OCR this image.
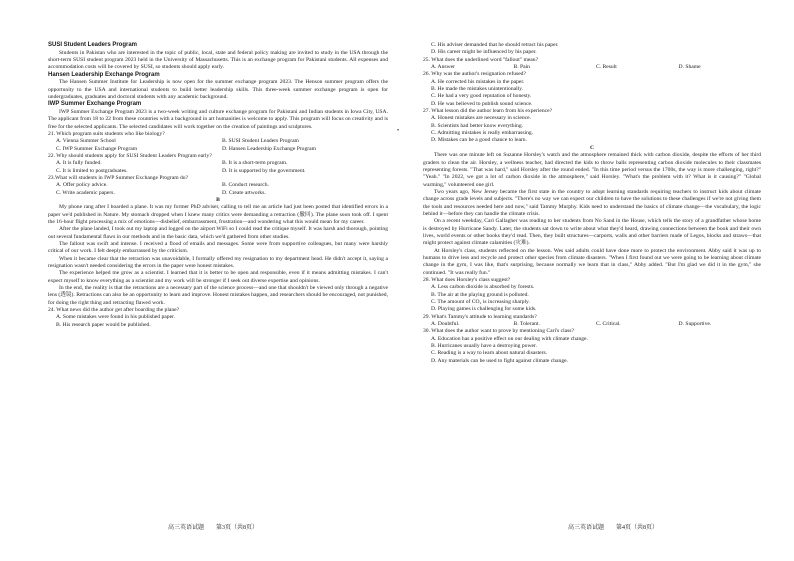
SUSI Student Leaders Program

Students in Pakistan who are interested in the topic of public, local, state and federal policy making are invited to study in the USA through the short-term SUSI student program 2023 held in the University of Massachusetts. This is an exchange program for Pakistani students. All expenses and accommodation costs will be covered by SUSI, so students should apply early.

Hansen Leadership Exchange Program

The Hansen Summer Institute for Leadership is now open for the summer exchange program 2023. The Henson summer program offers the opportunity to the USA and international students to build better leadership skills. This three-week summer exchange program is open for undergraduates, graduates and doctoral students with any academic background.

IWP Summer Exchange Program

IWP Summer Exchange Program 2023 is a two-week writing and culture exchange program for Pakistani and Indian students in Iowa City, USA. The applicant from 18 to 22 from these countries with a background in art humanities is welcome to apply. This program will focus on creativity and is free for the selected applicants. The selected candidates will work together on the creation of paintings and sculptures.

21. Which program suits students who like biology?

A. Vienna Summer School	B. SUSI Student Leaders Program
C. IWP Summer Exchange Program	D. Hansen Leadership Exchange Program

22. Why should students apply for SUSI Student Leaders Program early?

A. It is fully funded.	B. It is a short-term program.
C. It is limited to postgraduates.	D. It is supported by the government.

23.What will students in IWP Summer Exchange Program do?

A. Offer policy advice.	B. Conduct research.
C. Write academic papers.	D. Create artworks.

B

My phone rang after I boarded a plane. It was my former PhD adviser, calling to tell me an article had just been posted that identified errors in a paper we'd published in Nature. My stomach dropped when I knew many critics were demanding a retraction (撤回). The plane soon took off. I spent the 16-hour flight processing a mix of emotions—disbelief, embarrassment, frustration—and wondering what this would mean for my career.

After the plane landed, I took out my laptop and logged on the airport WiFi so I could read the critique myself. It was harsh and thorough, pointing out several fundamental flaws in our methods and in the basic data, which we'd gathered from other studies.

The fallout was swift and intense. I received a flood of emails and messages. Some were from supportive colleagues, but many were harshly critical of our work. I felt deeply embarrassed by the criticism.

When it became clear that the retraction was unavoidable, I formally offered my resignation to my department head. He didn't accept it, saying a resignation wasn't needed considering the errors in the paper were honest mistakes.

The experience helped me grow as a scientist. I learned that it is better to be open and responsible, even if it means admitting mistakes. I can't expect myself to know everything as a scientist and my work will be stronger if I seek out diverse expertise and opinions.

In the end, the reality is that the retractions are a necessary part of the science process—and one that shouldn't be viewed only through a negative lens (透镜). Retractions can also be an opportunity to learn and improve. Honest mistakes happen, and researchers should be encouraged, not punished, for doing the right thing and retracting flawed work.

24. What news did the author get after boarding the plane?

A. Some mistakes were found in his published paper.

B. His research paper would be published.

•

C. His adviser demanded that he should retract his paper.

D. His career might be influenced by his paper.

25. What does the underlined word "fallout" mean?

A. Answer	B. Pain	C. Result	D. Shame

26. Why was the author's resignation refused?

A. He corrected his mistakes in the paper.

B. He made the mistakes unintentionally.

C. He had a very good reputation of honesty.

D. He was believed to publish sound science.

27. What lesson did the author learn from his experience?

A. Honest mistakes are necessary in science.

B. Scientists had better know everything.

C. Admitting mistakes is really embarrassing.

D. Mistakes can be a good chance to learn.

C

There was one minute left on Suzanne Horsley's watch and the atmosphere remained thick with carbon dioxide, despite the efforts of her third graders to clean the air. Horsley, a wellness teacher, had directed the kids to throw balls representing carbon dioxide molecules to their classmates representing forests. "That was hard," said Horsley after the round ended. "In this time period versus the 1700s, the way is more challenging, right?" "Yeah." "In 2022, we got a lot of carbon dioxide in the atmosphere," said Horsley. "What's the problem with it? What is it causing?" "Global warming," volunteered one girl.

Two years ago, New Jersey became the first state in the country to adopt learning standards requiring teachers to instruct kids about climate change across grade levels and subjects. "There's no way we can expect our children to have the solutions to these challenges if we're not giving them the tools and resources needed here and now," said Tammy Murphy. Kids need to understand the basics of climate change—the vocabulary, the logic behind it—before they can handle the climate crisis.

On a recent weekday, Cari Gallagher was reading to her students from No Sand in the House, which tells the story of a grandfather whose home is destroyed by Hurricane Sandy. Later, the students sat down to write about what they'd heard, drawing connections between the book and their own lives, world events or other books they'd read. Then, they built structures—carports, walls and other barriers made of Legos, blocks and straws—that might protect against climate calamities (灾难).

At Horsley's class, students reflected on the lesson. Wes said adults could have done more to protect the environment. Abby said it was up to humans to drive less and recycle and protect other species from climate disasters. "When I first found out we were going to be learning about climate change in the gym, I was like, that's surprising, because normally we learn that in class," Abby added. "But I'm glad we did it in the gym," she continued. "It was really fun."

28. What does Horsley's class suggest?

A. Less carbon dioxide is absorbed by forests.

B. The air at the playing ground is polluted.

C. The amount of CO₂ is increasing sharply.

D. Playing games is challenging for some kids.

29. What's Tammy's attitude to learning standards?

A. Doubtful.	B. Tolerant.	C. Critical.	D. Supportive.

30. What does the author want to prove by mentioning Cari's class?

A. Education has a positive effect on our dealing with climate change.

B. Hurricanes usually have a destroying power.

C. Reading is a way to learn about natural disasters.

D. Any materials can be used to fight against climate change.

高三英语试题　　第3页（共8页）	高三英语试题　　第4页（共8页）
